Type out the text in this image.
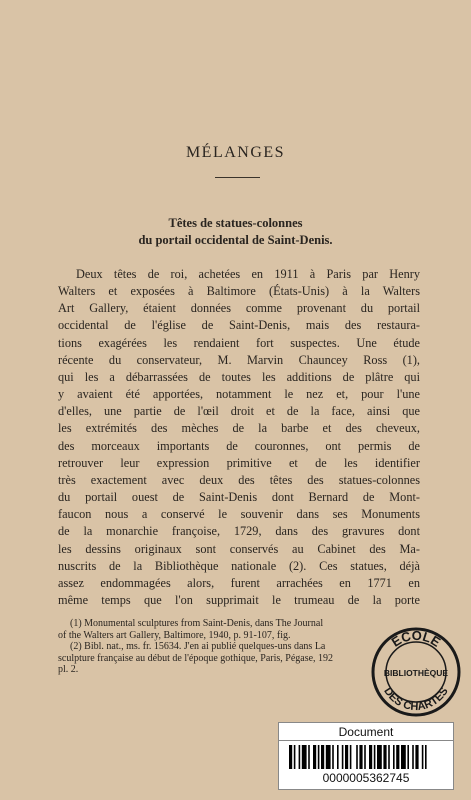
MÉLANGES
Têtes de statues-colonnes
du portail occidental de Saint-Denis.
Deux têtes de roi, achetées en 1911 à Paris par Henry
Walters et exposées à Baltimore (États-Unis) à la Walters
Art Gallery, étaient données comme provenant du portail
occidental de l'église de Saint-Denis, mais des restaura-
tions exagérées les rendaient fort suspectes. Une étude
récente du conservateur, M. Marvin Chauncey Ross (1),
qui les a débarrassées de toutes les additions de plâtre qui
y avaient été apportées, notamment le nez et, pour l'une
d'elles, une partie de l'œil droit et de la face, ainsi que
les extrémités des mèches de la barbe et des cheveux,
des morceaux importants de couronnes, ont permis de
retrouver leur expression primitive et de les identifier
très exactement avec deux des têtes des statues-colonnes
du portail ouest de Saint-Denis dont Bernard de Mont-
faucon nous a conservé le souvenir dans ses Monuments
de la monarchie françoise, 1729, dans des gravures dont
les dessins originaux sont conservés au Cabinet des Ma-
nuscrits de la Bibliothèque nationale (2). Ces statues, déjà
assez endommagées alors, furent arrachées en 1771 en
même temps que l'on supprimait le trumeau de la porte
(1) Monumental sculptures from Saint-Denis, dans The Journal
of the Walters art Gallery, Baltimore, 1940, p. 91-107, fig.
(2) Bibl. nat., ms. fr. 15634. J'en ai publié quelques-uns dans La
sculpture française au début de l'époque gothique, Paris, Pégase, 192
pl. 2.
ÉCOLE
BIBLIOTHÈQUE
DES CHARTES
Document
0000005362745
